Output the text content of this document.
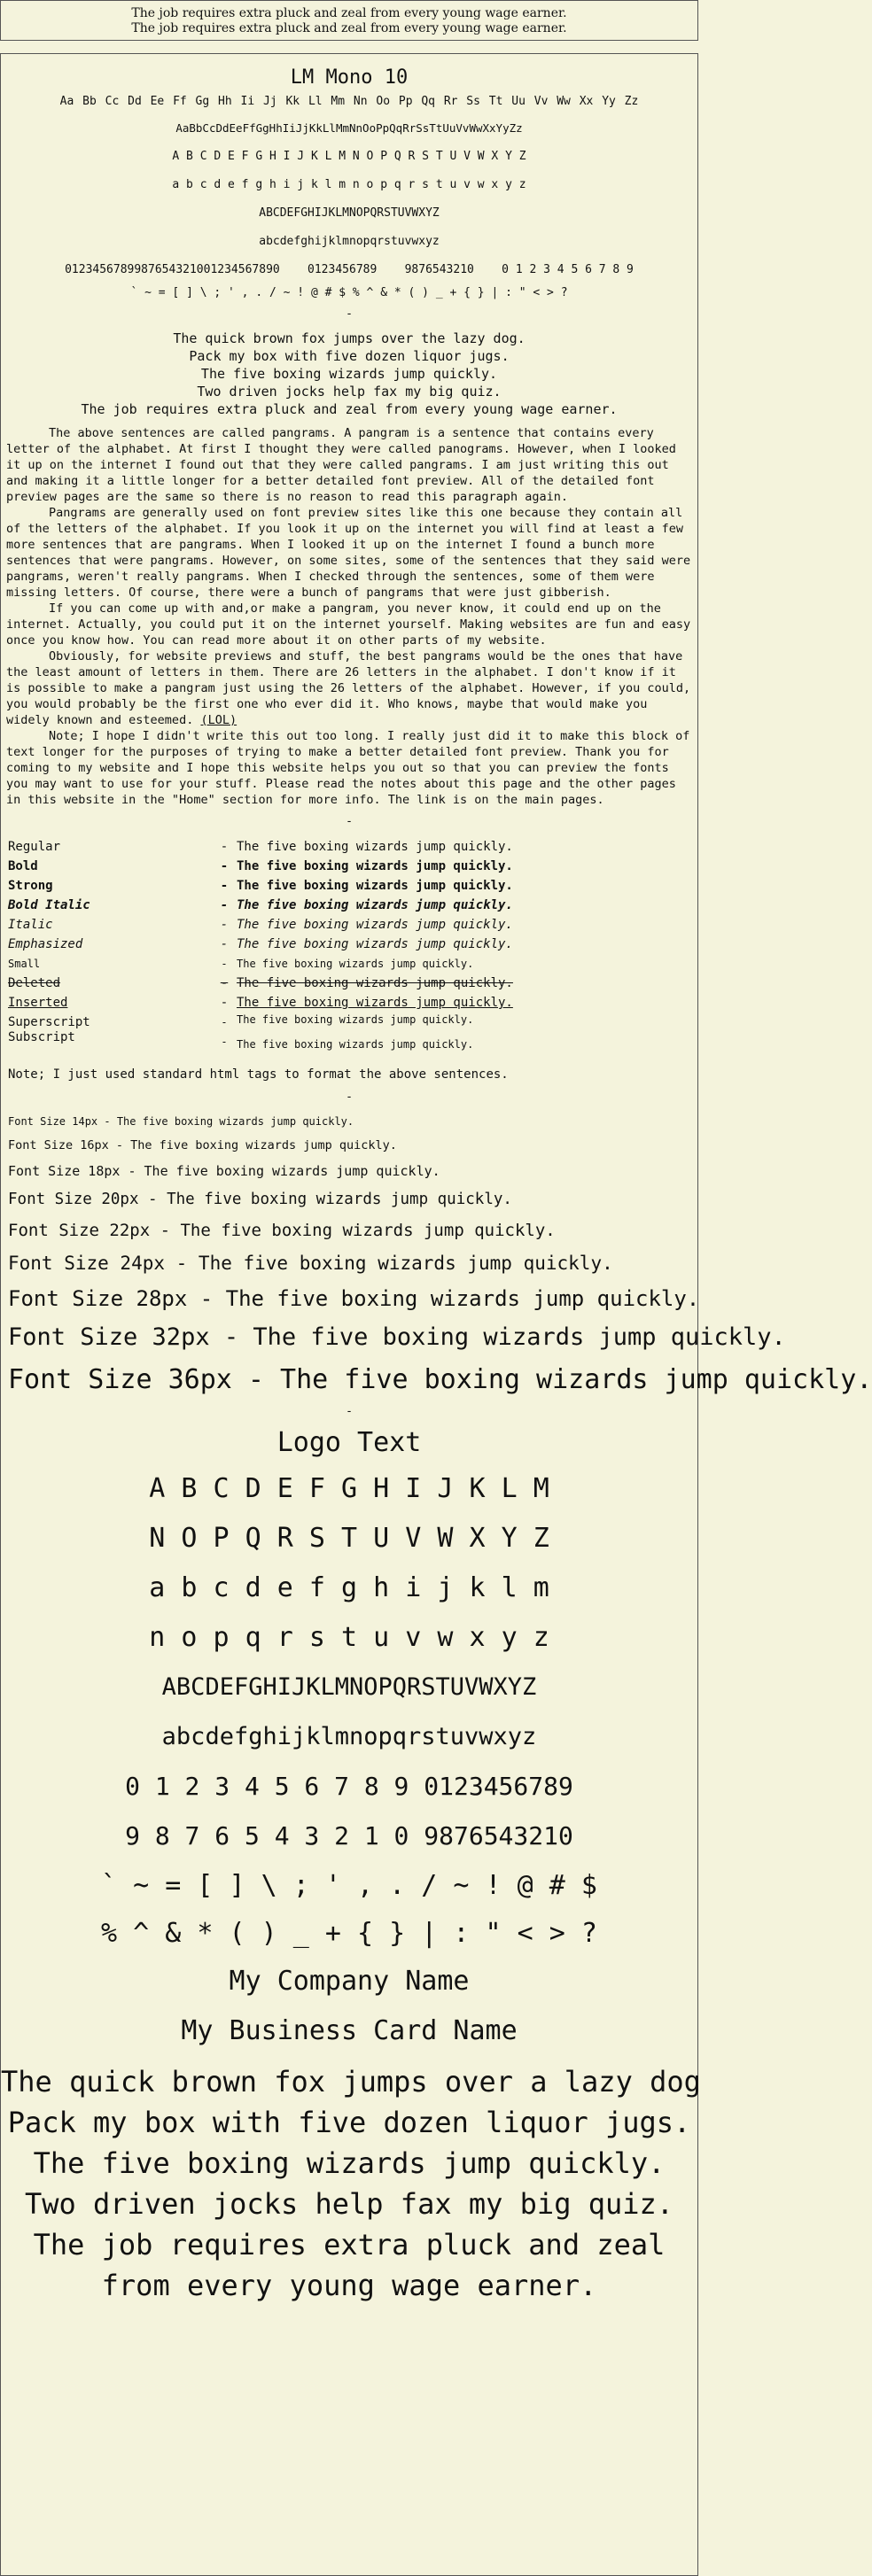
The job requires extra pluck and zeal from every young wage earner.
The job requires extra pluck and zeal from every young wage earner.
LM Mono 10
Aa Bb Cc Dd Ee Ff Gg Hh Ii Jj Kk Ll Mm Nn Oo Pp Qq Rr Ss Tt Uu Vv Ww Xx Yy Zz
AaBbCcDdEeFfGgHhIiJjKkLlMmNnOoPpQqRrSsTtUuVvWwXxYyZz
A B C D E F G H I J K L M N O P Q R S T U V W X Y Z
a b c d e f g h i j k l m n o p q r s t u v w x y z
ABCDEFGHIJKLMNOPQRSTUVWXYZ
abcdefghijklmnopqrstuvwxyz
0123456789987654321001234567890    0123456789    9876543210    0 1 2 3 4 5 6 7 8 9
` ~ = [ ] \ ; ' , . / ~ ! @ # $ % ^ & * ( ) _ + { } | : " < > ?
-
The quick brown fox jumps over the lazy dog.
Pack my box with five dozen liquor jugs.
The five boxing wizards jump quickly.
Two driven jocks help fax my big quiz.
The job requires extra pluck and zeal from every young wage earner.

The above sentences are called pangrams. A pangram is a sentence that contains every letter of the alphabet. At first I thought they were called panograms. However, when I looked it up on the internet I found out that they were called pangrams. I am just writing this out and making it a little longer for a better detailed font preview. All of the detailed font preview pages are the same so there is no reason to read this paragraph again.

Pangrams are generally used on font preview sites like this one because they contain all of the letters of the alphabet. If you look it up on the internet you will find at least a few more sentences that are pangrams. When I looked it up on the internet I found a bunch more sentences that were pangrams. However, on some sites, some of the sentences that they said were pangrams, weren't really pangrams. When I checked through the sentences, some of them were missing letters. Of course, there were a bunch of pangrams that were just gibberish.

If you can come up with and,or make a pangram, you never know, it could end up on the internet. Actually, you could put it on the internet yourself. Making websites are fun and easy once you know how. You can read more about it on other parts of my website.

Obviously, for website previews and stuff, the best pangrams would be the ones that have the least amount of letters in them. There are 26 letters in the alphabet. I don't know if it is possible to make a pangram just using the 26 letters of the alphabet. However, if you could, you would probably be the first one who ever did it. Who knows, maybe that would make you widely known and esteemed. (LOL)

Note; I hope I didn't write this out too long. I really just did it to make this block of text longer for the purposes of trying to make a better detailed font preview. Thank you for coming to my website and I hope this website helps you out so that you can preview the fonts you may want to use for your stuff. Please read the notes about this page and the other pages in this website in the "Home" section for more info. The link is on the main pages.

-
Regular	- The five boxing wizards jump quickly.
Bold	- The five boxing wizards jump quickly.
Strong	- The five boxing wizards jump quickly.
Bold Italic	- The five boxing wizards jump quickly.
Italic	- The five boxing wizards jump quickly.
Emphasized	- The five boxing wizards jump quickly.
Small	- The five boxing wizards jump quickly.
Deleted	- The five boxing wizards jump quickly.
Inserted	- The five boxing wizards jump quickly.
Superscript	- The five boxing wizards jump quickly.
Subscript	- The five boxing wizards jump quickly.
Note; I just used standard html tags to format the above sentences.
-
Font Size 14px - The five boxing wizards jump quickly.
Font Size 16px - The five boxing wizards jump quickly.
Font Size 18px - The five boxing wizards jump quickly.
Font Size 20px - The five boxing wizards jump quickly.
Font Size 22px - The five boxing wizards jump quickly.
Font Size 24px - The five boxing wizards jump quickly.
Font Size 28px - The five boxing wizards jump quickly.
Font Size 32px - The five boxing wizards jump quickly.
Font Size 36px - The five boxing wizards jump quickly.
-
Logo Text
A B C D E F G H I J K L M
N O P Q R S T U V W X Y Z
a b c d e f g h i j k l m
n o p q r s t u v w x y z
ABCDEFGHIJKLMNOPQRSTUVWXYZ
abcdefghijklmnopqrstuvwxyz
0 1 2 3 4 5 6 7 8 9 0123456789
9 8 7 6 5 4 3 2 1 0 9876543210
` ~ = [ ] \ ; ' , . / ~ ! @ # $
% ^ & * ( ) _ + { } | : " < > ?
My Company Name
My Business Card Name
The quick brown fox jumps over a lazy dog
Pack my box with five dozen liquor jugs.
The five boxing wizards jump quickly.
Two driven jocks help fax my big quiz.
The job requires extra pluck and zeal
from every young wage earner.
